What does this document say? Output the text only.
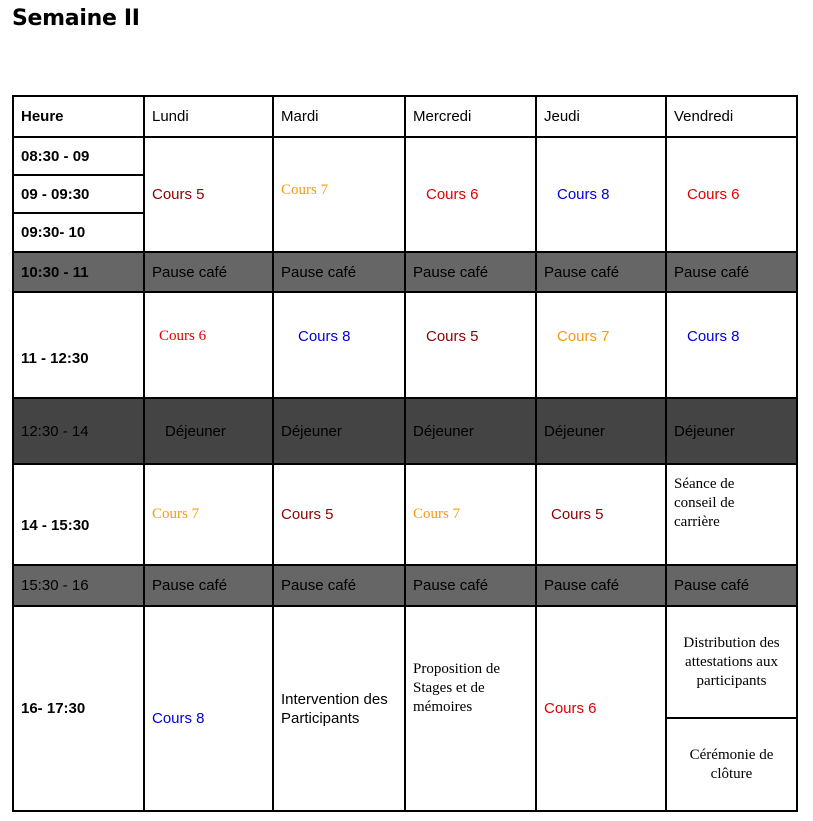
Semaine II
Heure	Lundi	Mardi	Mercredi	Jeudi	Vendredi
08:30 - 09	Cours 5	Cours 7	Cours 6	Cours 8	Cours 6
09 - 09:30					
09:30- 10					
10:30 - 11	Pause café	Pause café	Pause café	Pause café	Pause café
11 - 12:30	Cours 6	Cours 8	Cours 5	Cours 7	Cours 8
12:30 - 14	Déjeuner	Déjeuner	Déjeuner	Déjeuner	Déjeuner
14 - 15:30	Cours 7	Cours 5	Cours 7	Cours 5	Séance de conseil de carrière
15:30 - 16	Pause café	Pause café	Pause café	Pause café	Pause café
16- 17:30	Cours 8	Intervention des Participants	Proposition de Stages et de mémoires	Cours 6	Distribution des attestations aux participants
					Cérémonie de clôture
